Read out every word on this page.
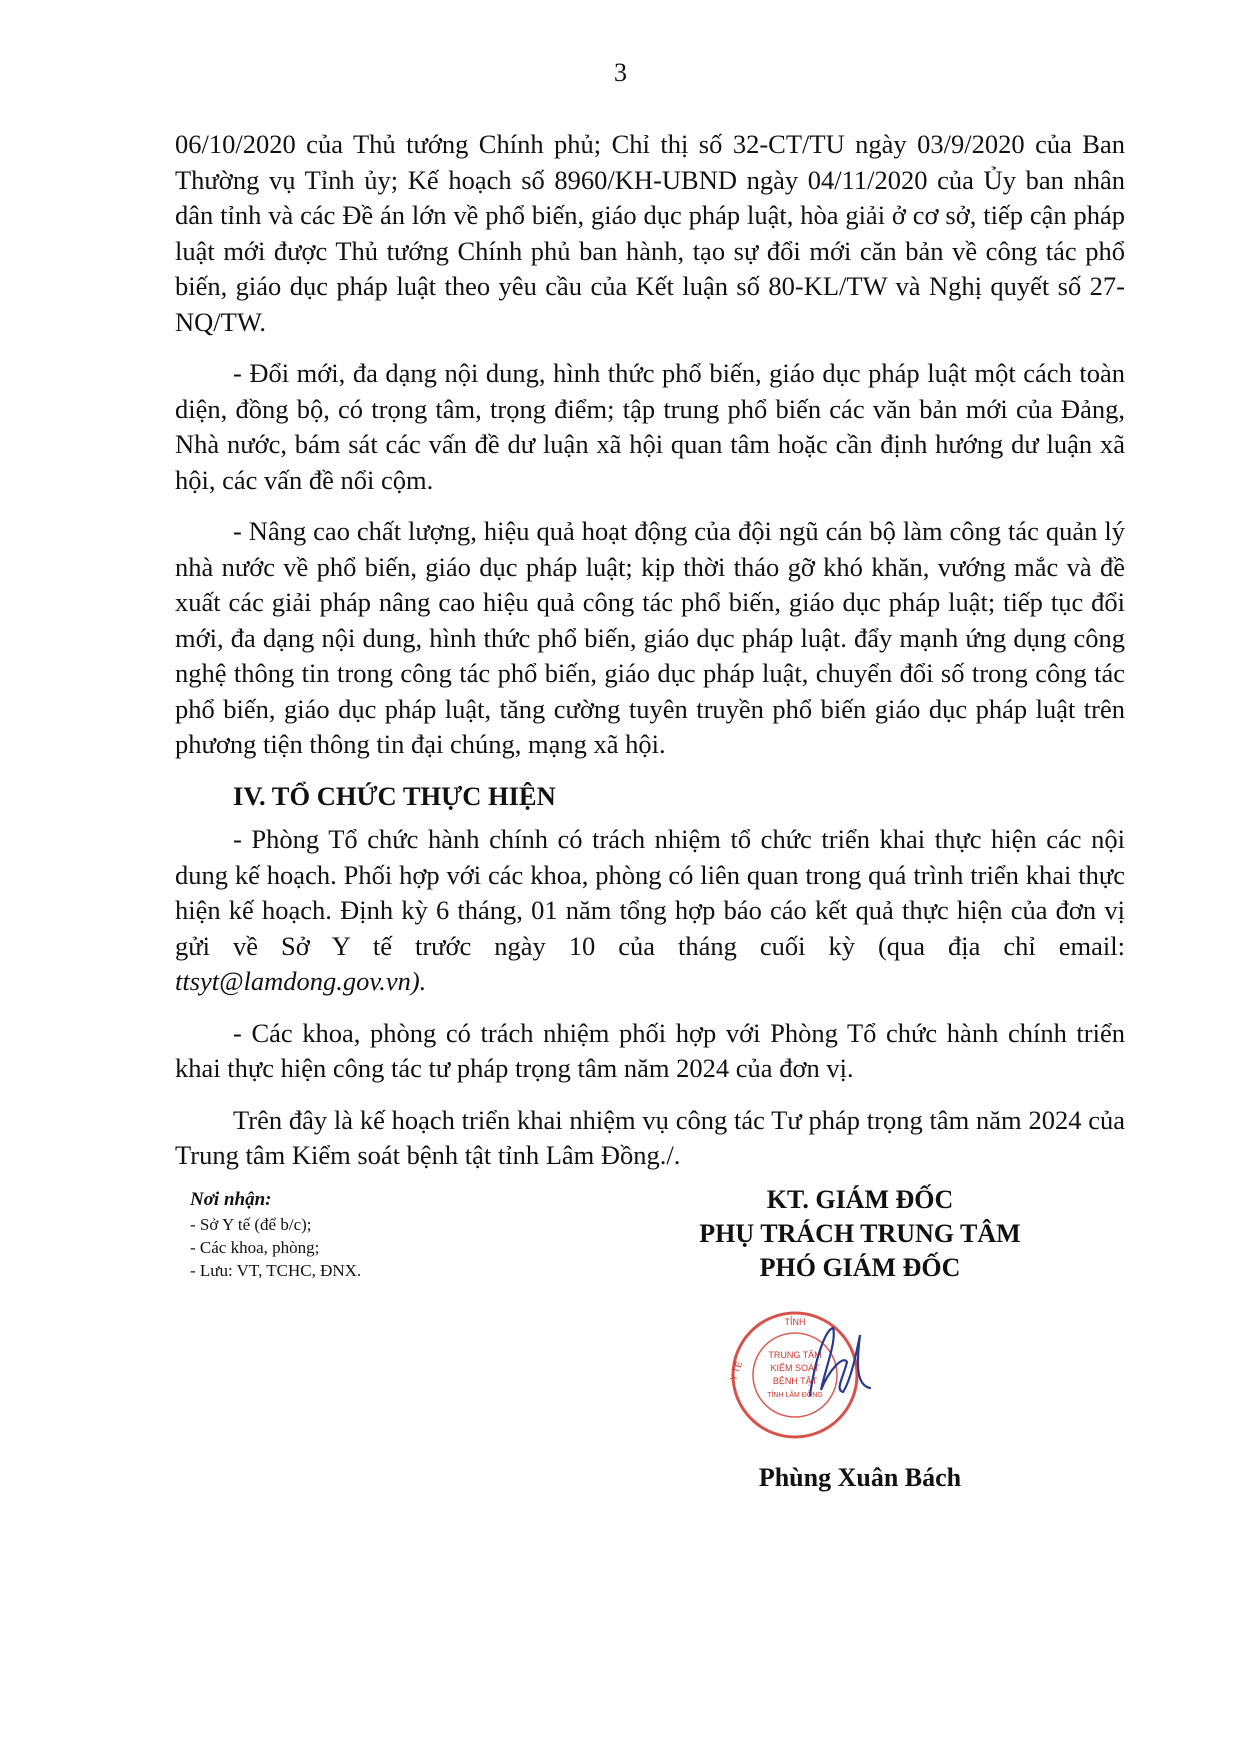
3

06/10/2020 của Thủ tướng Chính phủ; Chỉ thị số 32-CT/TU ngày 03/9/2020 của Ban Thường vụ Tỉnh ủy; Kế hoạch số 8960/KH-UBND ngày 04/11/2020 của Ủy ban nhân dân tỉnh và các Đề án lớn về phổ biến, giáo dục pháp luật, hòa giải ở cơ sở, tiếp cận pháp luật mới được Thủ tướng Chính phủ ban hành, tạo sự đổi mới căn bản về công tác phổ biến, giáo dục pháp luật theo yêu cầu của Kết luận số 80-KL/TW và Nghị quyết số 27-NQ/TW.

- Đổi mới, đa dạng nội dung, hình thức phổ biến, giáo dục pháp luật một cách toàn diện, đồng bộ, có trọng tâm, trọng điểm; tập trung phổ biến các văn bản mới của Đảng, Nhà nước, bám sát các vấn đề dư luận xã hội quan tâm hoặc cần định hướng dư luận xã hội, các vấn đề nổi cộm.

- Nâng cao chất lượng, hiệu quả hoạt động của đội ngũ cán bộ làm công tác quản lý nhà nước về phổ biến, giáo dục pháp luật; kịp thời tháo gỡ khó khăn, vướng mắc và đề xuất các giải pháp nâng cao hiệu quả công tác phổ biến, giáo dục pháp luật; tiếp tục đổi mới, đa dạng nội dung, hình thức phổ biến, giáo dục pháp luật. đẩy mạnh ứng dụng công nghệ thông tin trong công tác phổ biến, giáo dục pháp luật, chuyển đổi số trong công tác phổ biến, giáo dục pháp luật, tăng cường tuyên truyền phổ biến giáo dục pháp luật trên phương tiện thông tin đại chúng, mạng xã hội.

IV. TỔ CHỨC THỰC HIỆN

- Phòng Tổ chức hành chính có trách nhiệm tổ chức triển khai thực hiện các nội dung kế hoạch. Phối hợp với các khoa, phòng có liên quan trong quá trình triển khai thực hiện kế hoạch. Định kỳ 6 tháng, 01 năm tổng hợp báo cáo kết quả thực hiện của đơn vị gửi về Sở Y tế trước ngày 10 của tháng cuối kỳ (qua địa chỉ email: ttsyt@lamdong.gov.vn).

- Các khoa, phòng có trách nhiệm phối hợp với Phòng Tổ chức hành chính triển khai thực hiện công tác tư pháp trọng tâm năm 2024 của đơn vị.

Trên đây là kế hoạch triển khai nhiệm vụ công tác Tư pháp trọng tâm năm 2024 của Trung tâm Kiểm soát bệnh tật tỉnh Lâm Đồng./.

Nơi nhận:
- Sở Y tế (để b/c);
- Các khoa, phòng;
- Lưu: VT, TCHC, ĐNX.
KT. GIÁM ĐỐC
PHỤ TRÁCH TRUNG TÂM
PHÓ GIÁM ĐỐC
TỈNH
Y TẾ
TRUNG TÂM
KIỂM SOÁT
BỆNH TẬT
TỈNH LÂM ĐỒNG
Phùng Xuân Bách
